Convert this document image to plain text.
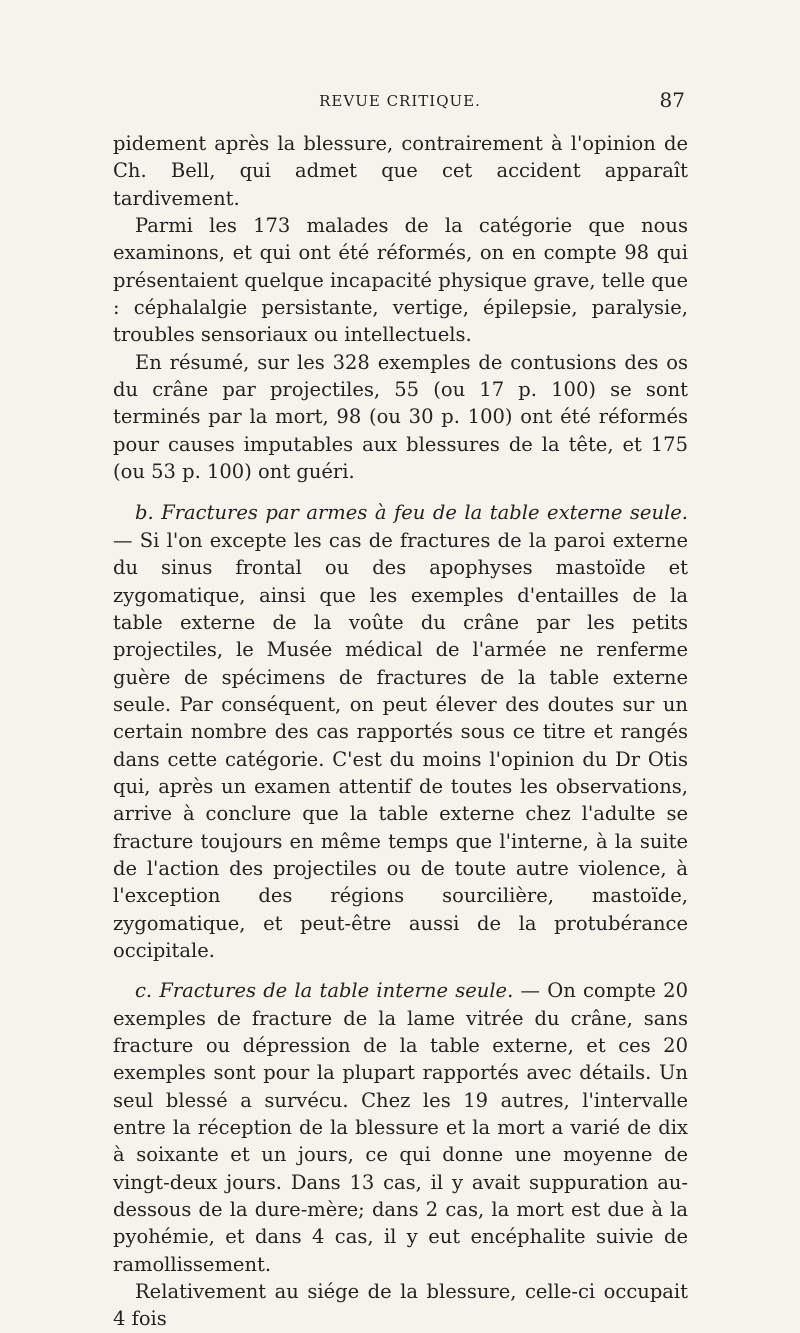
REVUE CRITIQUE.	87

pidement après la blessure, contrairement à l'opinion de Ch. Bell, qui admet que cet accident apparaît tardivement.

Parmi les 173 malades de la catégorie que nous examinons, et qui ont été réformés, on en compte 98 qui présentaient quelque incapacité physique grave, telle que : céphalalgie persistante, vertige, épilepsie, paralysie, troubles sensoriaux ou intellectuels.

En résumé, sur les 328 exemples de contusions des os du crâne par projectiles, 55 (ou 17 p. 100) se sont terminés par la mort, 98 (ou 30 p. 100) ont été réformés pour causes imputables aux blessures de la tête, et 175 (ou 53 p. 100) ont guéri.

b. Fractures par armes à feu de la table externe seule. — Si l'on excepte les cas de fractures de la paroi externe du sinus frontal ou des apophyses mastoïde et zygomatique, ainsi que les exemples d'entailles de la table externe de la voûte du crâne par les petits projectiles, le Musée médical de l'armée ne renferme guère de spécimens de fractures de la table externe seule. Par conséquent, on peut élever des doutes sur un certain nombre des cas rapportés sous ce titre et rangés dans cette catégorie. C'est du moins l'opinion du Dr Otis qui, après un examen attentif de toutes les observations, arrive à conclure que la table externe chez l'adulte se fracture toujours en même temps que l'interne, à la suite de l'action des projectiles ou de toute autre violence, à l'exception des régions sourcilière, mastoïde, zygomatique, et peut-être aussi de la protubérance occipitale.

c. Fractures de la table interne seule. — On compte 20 exemples de fracture de la lame vitrée du crâne, sans fracture ou dépression de la table externe, et ces 20 exemples sont pour la plupart rapportés avec détails. Un seul blessé a survécu. Chez les 19 autres, l'intervalle entre la réception de la blessure et la mort a varié de dix à soixante et un jours, ce qui donne une moyenne de vingt-deux jours. Dans 13 cas, il y avait suppuration au-dessous de la dure-mère; dans 2 cas, la mort est due à la pyohémie, et dans 4 cas, il y eut encéphalite suivie de ramollissement.

Relativement au siége de la blessure, celle-ci occupait 4 fois
